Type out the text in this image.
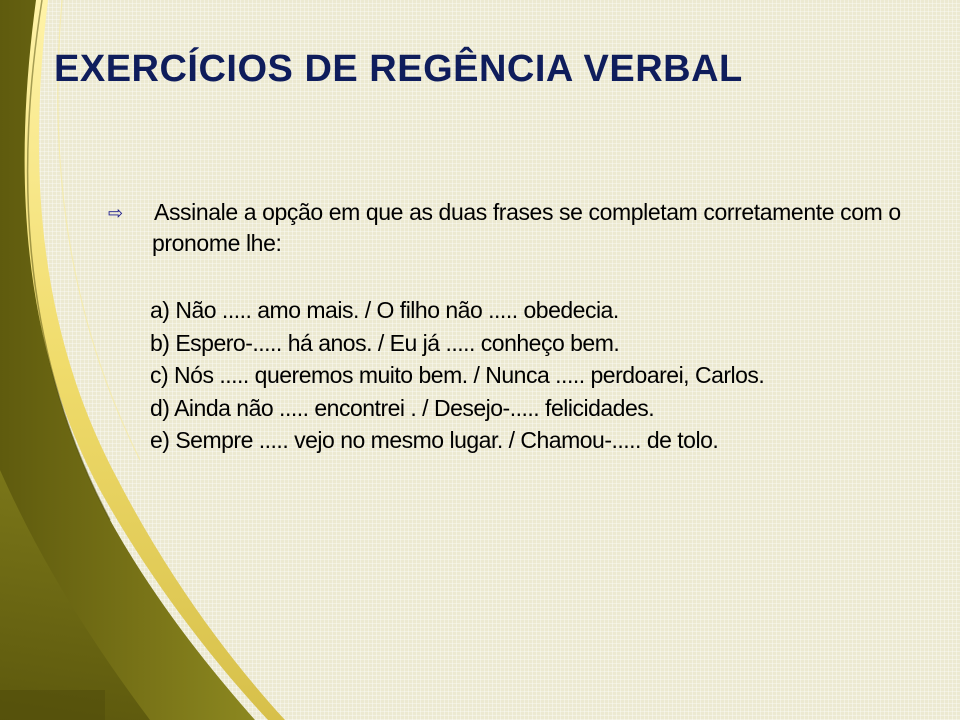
EXERCÍCIOS DE REGÊNCIA VERBAL
⇨ Assinale a opção em que as duas frases se completam corretamente com o pronome lhe:
a) Não ..... amo mais. / O filho não ..... obedecia.
b) Espero-..... há anos. / Eu já ..... conheço bem.
c) Nós ..... queremos muito bem. / Nunca ..... perdoarei, Carlos.
d) Ainda não ..... encontrei . / Desejo-..... felicidades.
e) Sempre ..... vejo no mesmo lugar. / Chamou-..... de tolo.
